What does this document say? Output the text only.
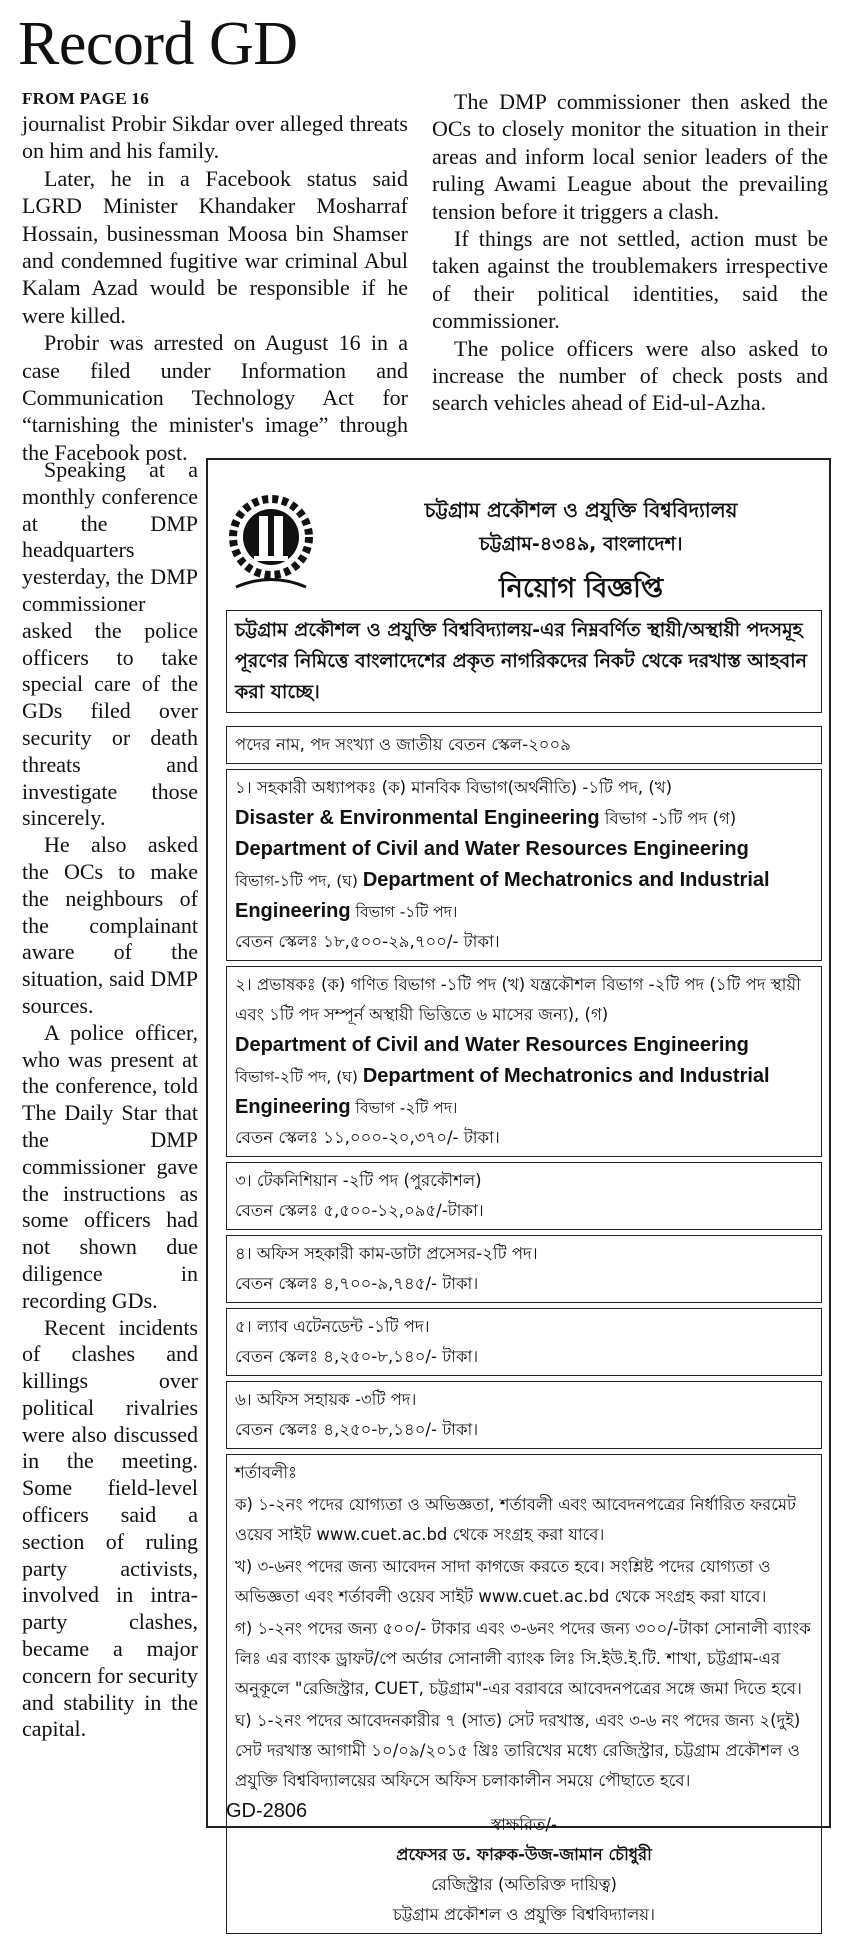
Record GD
FROM PAGE 16

journalist Probir Sikdar over alleged threats on him and his family.

Later, he in a Facebook status said LGRD Minister Khandaker Mosharraf Hossain, businessman Moosa bin Shamser and condemned fugitive war criminal Abul Kalam Azad would be responsible if he were killed.

Probir was arrested on August 16 in a case filed under Information and Communication Technology Act for “tarnishing the minister's image” through the Facebook post.

The DMP commissioner then asked the OCs to closely monitor the situation in their areas and inform local senior leaders of the ruling Awami League about the prevailing tension before it triggers a clash.

If things are not settled, action must be taken against the troublemakers irrespective of their political identities, said the commissioner.

The police officers were also asked to increase the number of check posts and search vehicles ahead of Eid-ul-Azha.

Speaking at a monthly conference at the DMP headquarters yesterday, the DMP commissioner asked the police officers to take special care of the GDs filed over security or death threats and investigate those sincerely.

He also asked the OCs to make the neighbours of the complainant aware of the situation, said DMP sources.

A police officer, who was present at the conference, told The Daily Star that the DMP commissioner gave the instructions as some officers had not shown due diligence in recording GDs.

Recent incidents of clashes and killings over political rivalries were also discussed in the meeting. Some field-level officers said a section of ruling party activists, involved in intra-party clashes, became a major concern for security and stability in the capital.

চট্টগ্রাম প্রকৌশল ও প্রযুক্তি বিশ্ববিদ্যালয়
চট্টগ্রাম-৪৩৪৯, বাংলাদেশ।
নিয়োগ বিজ্ঞপ্তি
চট্টগ্রাম প্রকৌশল ও প্রযুক্তি বিশ্ববিদ্যালয়-এর নিম্নবর্ণিত স্থায়ী/অস্থায়ী পদসমূহ পূরণের নিমিত্তে বাংলাদেশের প্রকৃত নাগরিকদের নিকট থেকে দরখাস্ত আহবান করা যাচ্ছে।
পদের নাম, পদ সংখ্যা ও জাতীয় বেতন স্কেল-২০০৯
১। সহকারী অধ্যাপকঃ (ক) মানবিক বিভাগ(অর্থনীতি) -১টি পদ, (খ)
Disaster & Environmental Engineering বিভাগ -১টি পদ (গ)
Department of Civil and Water Resources Engineering
বিভাগ-১টি পদ, (ঘ) Department of Mechatronics and Industrial Engineering বিভাগ -১টি পদ।
বেতন স্কেলঃ ১৮,৫০০-২৯,৭০০/- টাকা।
২। প্রভাষকঃ (ক) গণিত বিভাগ -১টি পদ (খ) যন্ত্রকৌশল বিভাগ -২টি পদ (১টি পদ স্থায়ী এবং ১টি পদ সম্পূর্ন অস্থায়ী ভিত্তিতে ৬ মাসের জন্য), (গ)
Department of Civil and Water Resources Engineering
বিভাগ-২টি পদ, (ঘ) Department of Mechatronics and Industrial Engineering বিভাগ -২টি পদ।
বেতন স্কেলঃ ১১,০০০-২০,৩৭০/- টাকা।
৩। টেকনিশিয়ান -২টি পদ (পুরকৌশল)
বেতন স্কেলঃ ৫,৫০০-১২,০৯৫/-টাকা।
৪। অফিস সহকারী কাম-ডাটা প্রসেসর-২টি পদ।
বেতন স্কেলঃ ৪,৭০০-৯,৭৪৫/- টাকা।
৫। ল্যাব এটেনডেন্ট -১টি পদ।
বেতন স্কেলঃ ৪,২৫০-৮,১৪০/- টাকা।
৬। অফিস সহায়ক -৩টি পদ।
বেতন স্কেলঃ ৪,২৫০-৮,১৪০/- টাকা।

শর্তাবলীঃ

ক) ১-২নং পদের যোগ্যতা ও অভিজ্ঞতা, শর্তাবলী এবং আবেদনপত্রের নির্ধারিত ফরমেট ওয়েব সাইট www.cuet.ac.bd থেকে সংগ্রহ করা যাবে।

খ) ৩-৬নং পদের জন্য আবেদন সাদা কাগজে করতে হবে। সংশ্লিষ্ট পদের যোগ্যতা ও অভিজ্ঞতা এবং শর্তাবলী ওয়েব সাইট www.cuet.ac.bd থেকে সংগ্রহ করা যাবে।

গ) ১-২নং পদের জন্য ৫০০/- টাকার এবং ৩-৬নং পদের জন্য ৩০০/-টাকা সোনালী ব্যাংক লিঃ এর ব্যাংক ড্রাফট/পে অর্ডার সোনালী ব্যাংক লিঃ সি.ইউ.ই.টি. শাখা, চট্টগ্রাম-এর অনুকূলে "রেজিস্ট্রার, CUET, চট্টগ্রাম"-এর বরাবরে আবেদনপত্রের সঙ্গে জমা দিতে হবে।

ঘ) ১-২নং পদের আবেদনকারীর ৭ (সাত) সেট দরখাস্ত, এবং ৩-৬ নং পদের জন্য ২(দুই) সেট দরখাস্ত আগামী ১০/০৯/২০১৫ খ্রিঃ তারিখের মধ্যে রেজিস্ট্রার, চট্টগ্রাম প্রকৌশল ও প্রযুক্তি বিশ্ববিদ্যালয়ের অফিসে অফিস চলাকালীন সময়ে পৌছাতে হবে।

স্বাক্ষরিত/-
প্রফেসর ড. ফারুক-উজ-জামান চৌধুরী
রেজিস্ট্রার (অতিরিক্ত দায়িত্ব)
চট্টগ্রাম প্রকৌশল ও প্রযুক্তি বিশ্ববিদ্যালয়।
GD-2806
